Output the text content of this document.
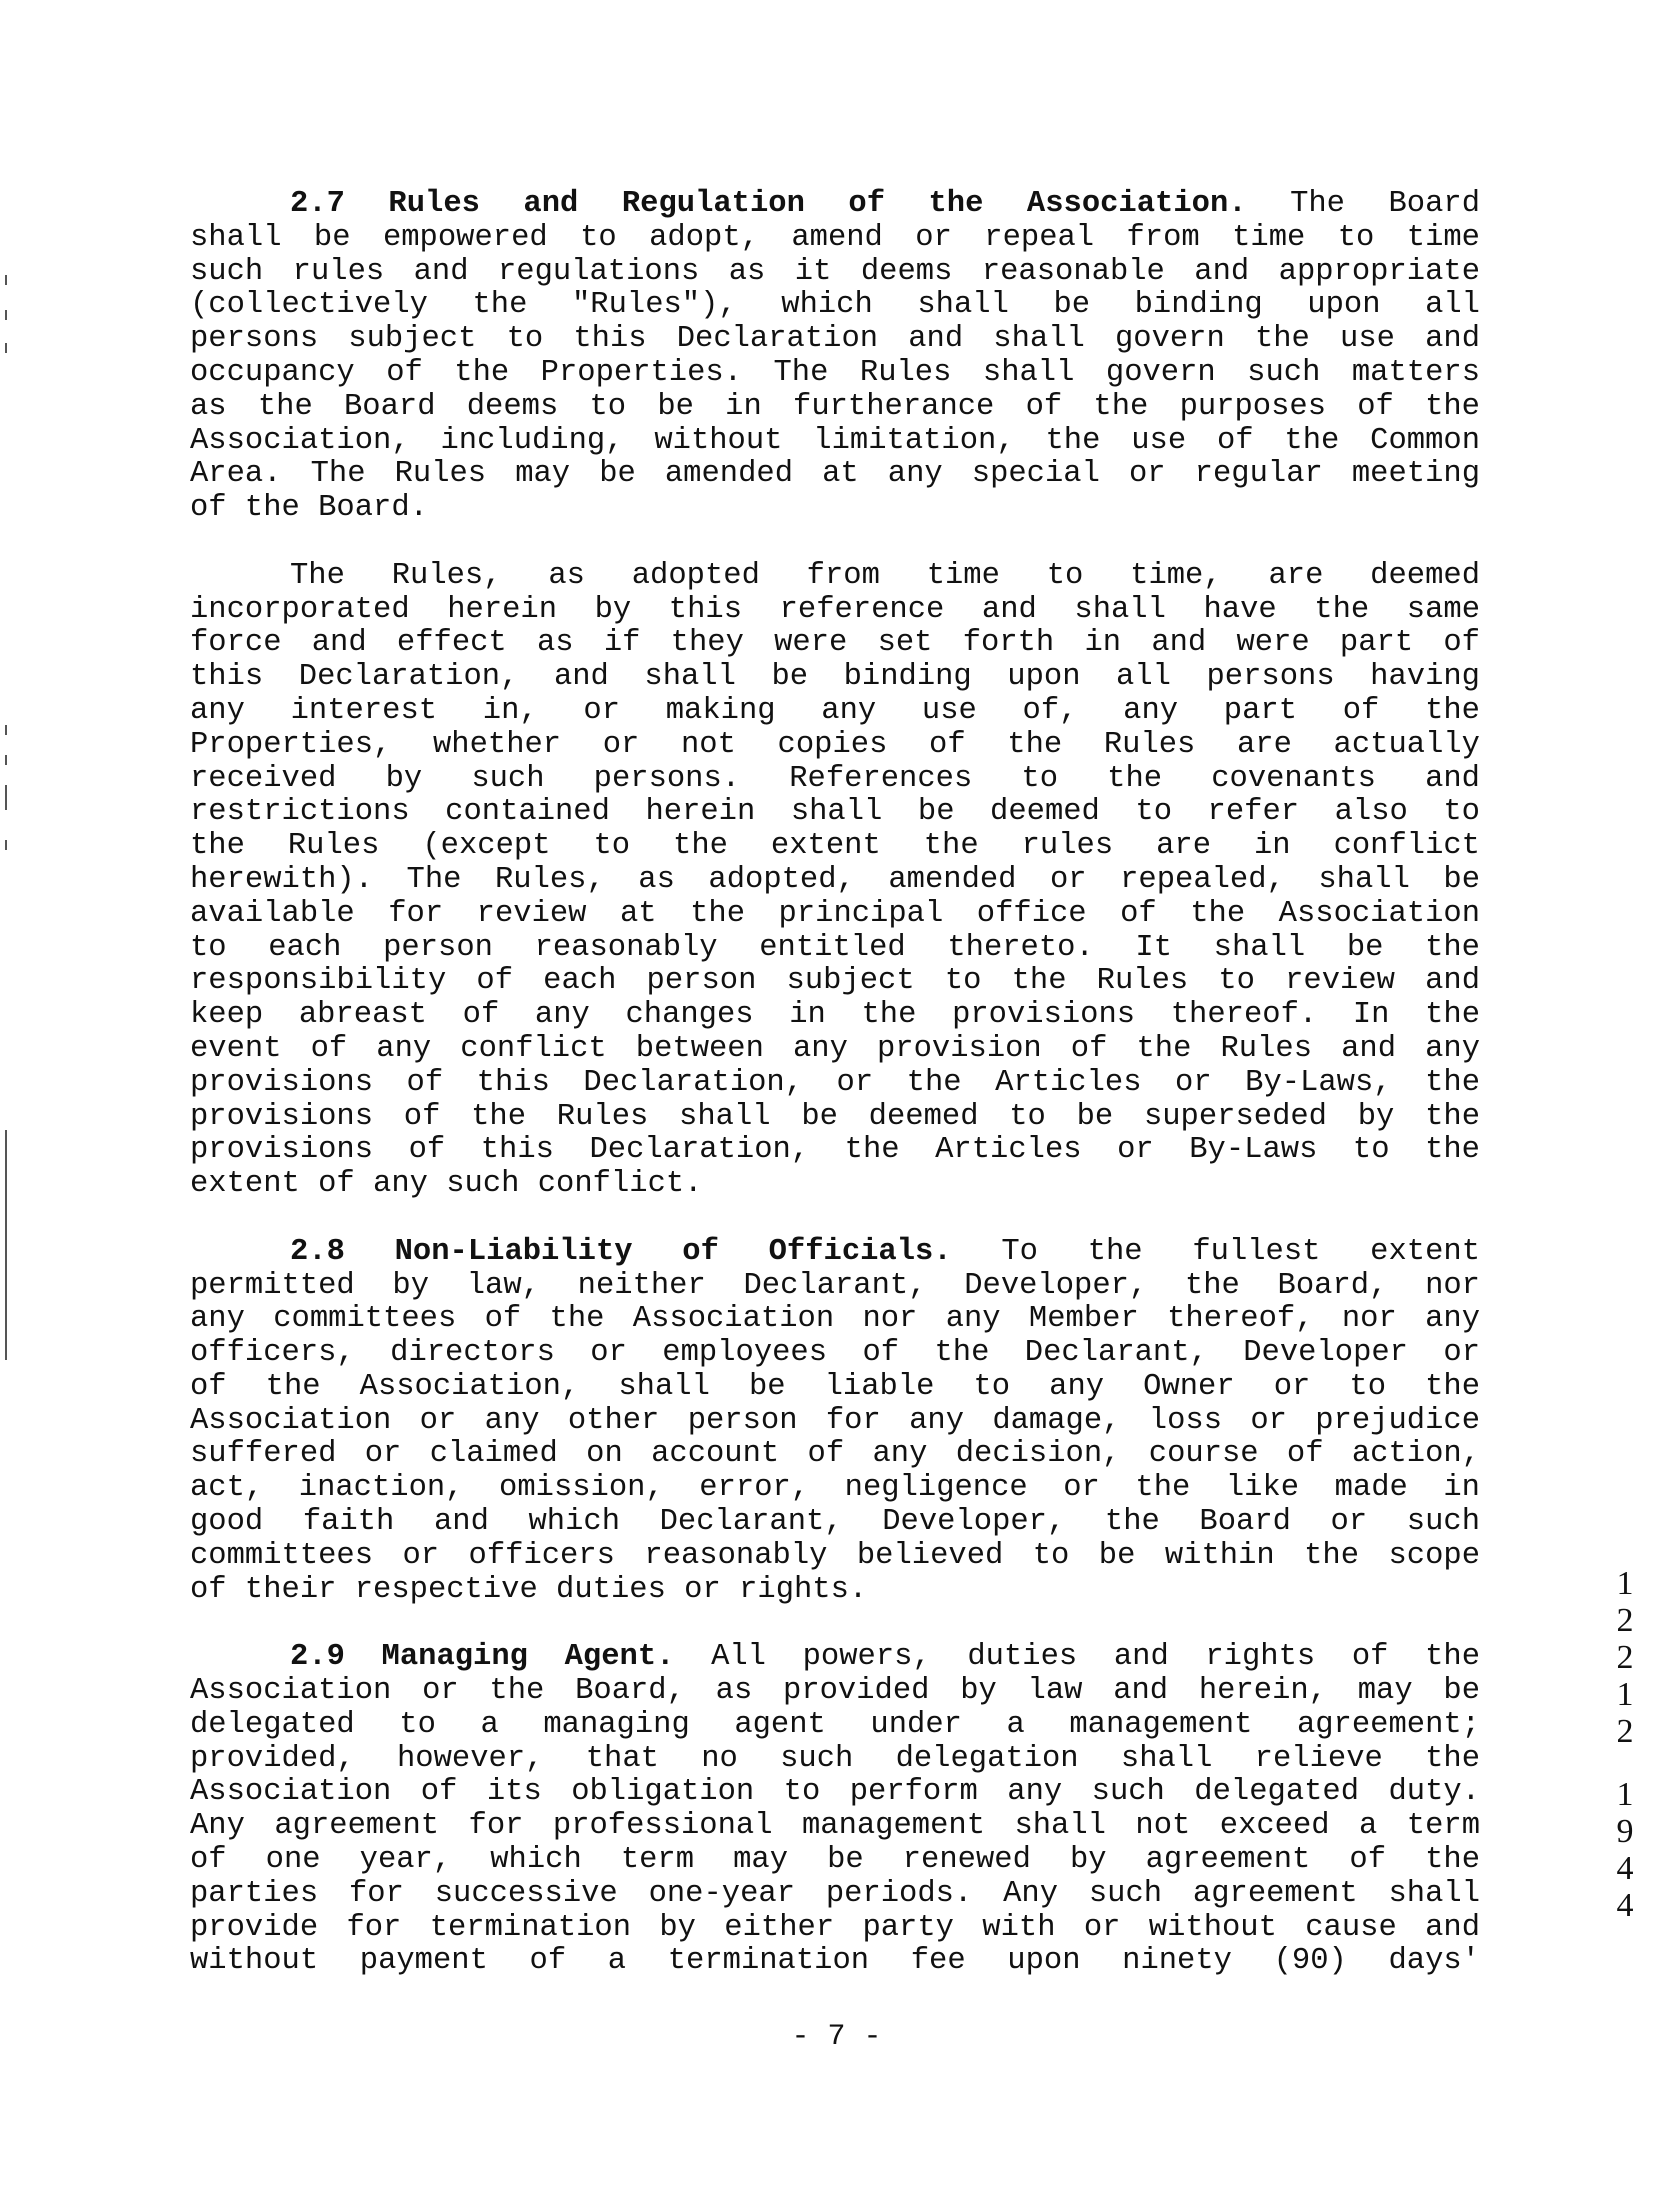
2.7 Rules and Regulation of the Association. The Board
shall be empowered to adopt, amend or repeal from time to time
such rules and regulations as it deems reasonable and appropriate
(collectively the "Rules"), which shall be binding upon all
persons subject to this Declaration and shall govern the use and
occupancy of the Properties. The Rules shall govern such matters
as the Board deems to be in furtherance of the purposes of the
Association, including, without limitation, the use of the Common
Area. The Rules may be amended at any special or regular meeting
of the Board.
The Rules, as adopted from time to time, are deemed
incorporated herein by this reference and shall have the same
force and effect as if they were set forth in and were part of
this Declaration, and shall be binding upon all persons having
any interest in, or making any use of, any part of the
Properties, whether or not copies of the Rules are actually
received by such persons. References to the covenants and
restrictions contained herein shall be deemed to refer also to
the Rules (except to the extent the rules are in conflict
herewith). The Rules, as adopted, amended or repealed, shall be
available for review at the principal office of the Association
to each person reasonably entitled thereto. It shall be the
responsibility of each person subject to the Rules to review and
keep abreast of any changes in the provisions thereof. In the
event of any conflict between any provision of the Rules and any
provisions of this Declaration, or the Articles or By-Laws, the
provisions of the Rules shall be deemed to be superseded by the
provisions of this Declaration, the Articles or By-Laws to the
extent of any such conflict.
2.8 Non-Liability of Officials. To the fullest extent
permitted by law, neither Declarant, Developer, the Board, nor
any committees of the Association nor any Member thereof, nor any
officers, directors or employees of the Declarant, Developer or
of the Association, shall be liable to any Owner or to the
Association or any other person for any damage, loss or prejudice
suffered or claimed on account of any decision, course of action,
act, inaction, omission, error, negligence or the like made in
good faith and which Declarant, Developer, the Board or such
committees or officers reasonably believed to be within the scope
of their respective duties or rights.
2.9 Managing Agent. All powers, duties and rights of the
Association or the Board, as provided by law and herein, may be
delegated to a managing agent under a management agreement;
provided, however, that no such delegation shall relieve the
Association of its obligation to perform any such delegated duty.
Any agreement for professional management shall not exceed a term
of one year, which term may be renewed by agreement of the
parties for successive one-year periods. Any such agreement shall
provide for termination by either party with or without cause and
without payment of a termination fee upon ninety (90) days'
1
2
2
1
2
1
9
4
4
- 7 -
